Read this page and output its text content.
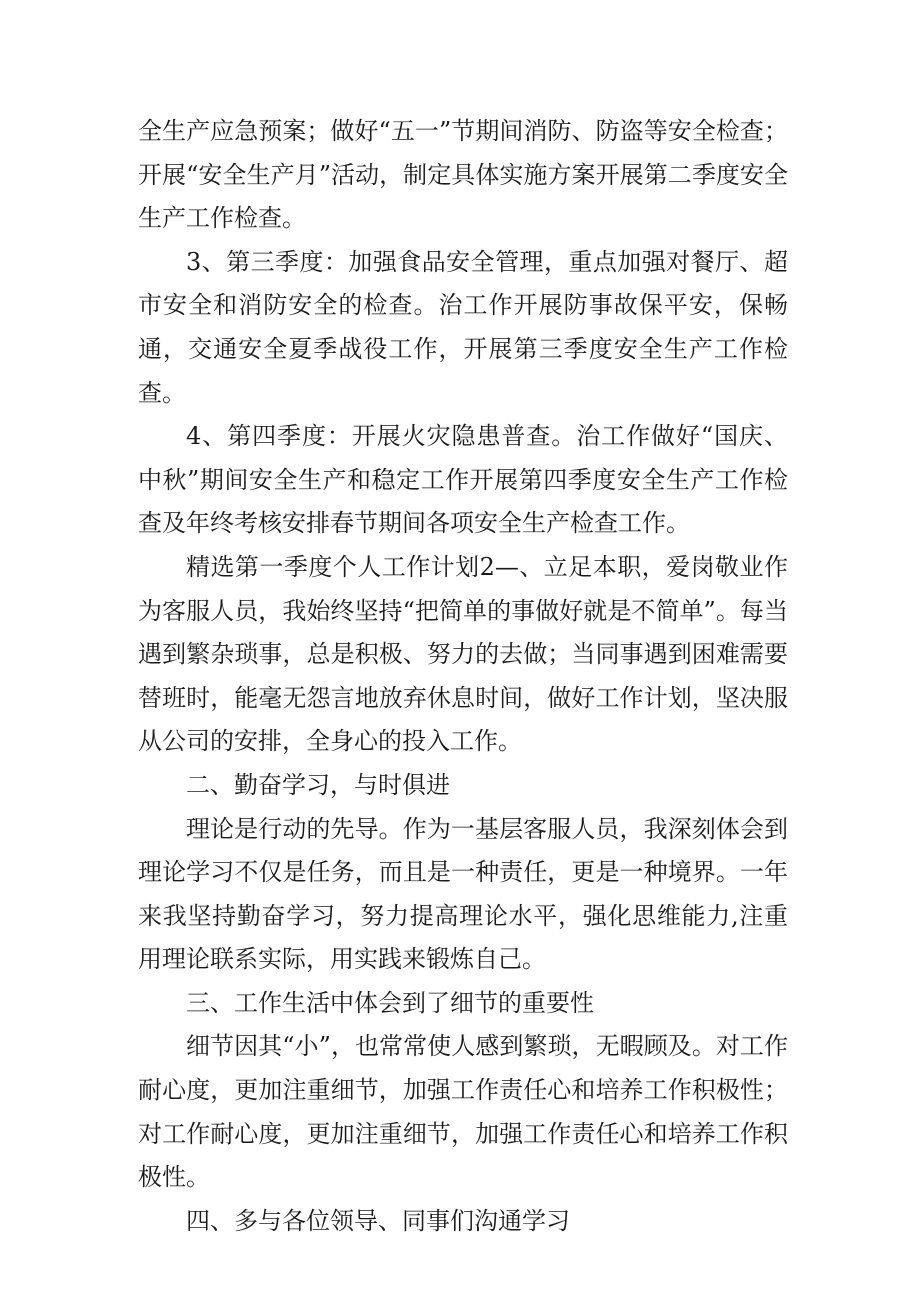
全生产应急预案；做好“五一”节期间消防、防盗等安全检查；开展“安全生产月”活动，制定具体实施方案开展第二季度安全生产工作检查。

3、第三季度：加强食品安全管理，重点加强对餐厅、超市安全和消防安全的检查。治工作开展防事故保平安，保畅通，交通安全夏季战役工作，开展第三季度安全生产工作检查。

4、第四季度：开展火灾隐患普查。治工作做好“国庆、中秋”期间安全生产和稳定工作开展第四季度安全生产工作检查及年终考核安排春节期间各项安全生产检查工作。

精选第一季度个人工作计划2—、立足本职，爱岗敬业作为客服人员，我始终坚持“把简单的事做好就是不简单”。每当遇到繁杂琐事，总是积极、努力的去做；当同事遇到困难需要替班时，能毫无怨言地放弃休息时间，做好工作计划，坚决服从公司的安排，全身心的投入工作。

二、勤奋学习，与时俱进

理论是行动的先导。作为一基层客服人员，我深刻体会到理论学习不仅是任务，而且是一种责任，更是一种境界。一年来我坚持勤奋学习，努力提高理论水平，强化思维能力,注重用理论联系实际，用实践来锻炼自己。

三、工作生活中体会到了细节的重要性

细节因其“小”，也常常使人感到繁琐，无暇顾及。对工作耐心度，更加注重细节，加强工作责任心和培养工作积极性；对工作耐心度，更加注重细节，加强工作责任心和培养工作积极性。

四、多与各位领导、同事们沟通学习
